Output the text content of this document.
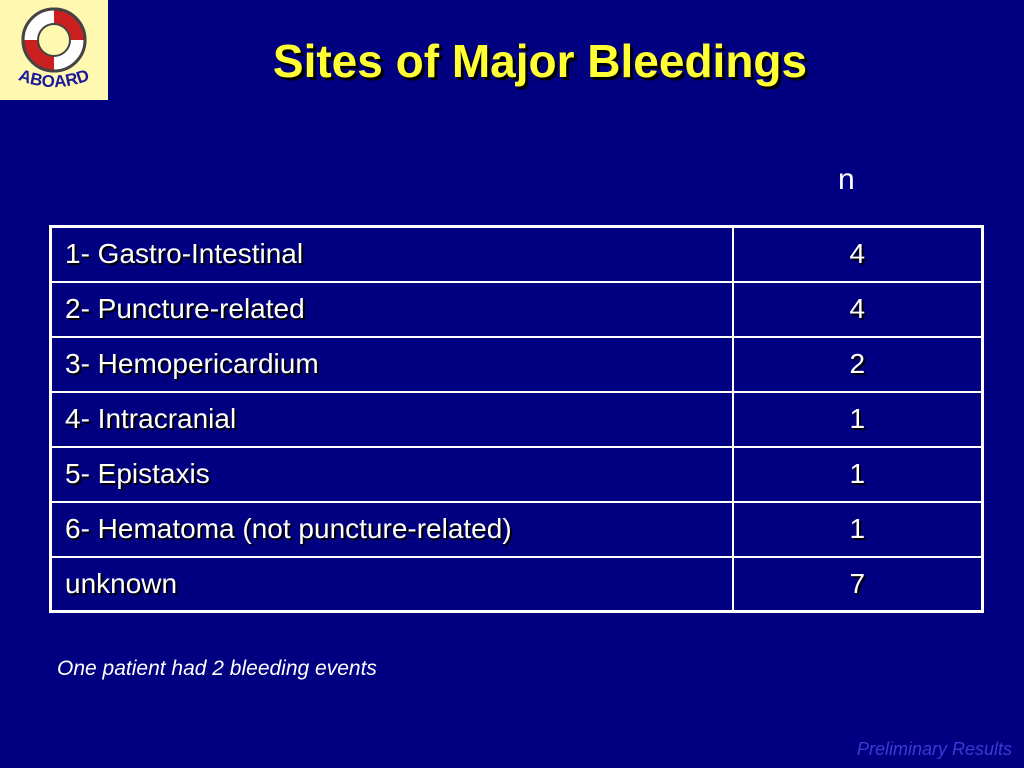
ABOARD	Sites of Major Bleedings
n
1- Gastro-Intestinal	4
2- Puncture-related	4
3- Hemopericardium	2
4- Intracranial	1
5- Epistaxis	1
6- Hematoma (not puncture-related)	1
unknown	7
One patient had 2 bleeding events
Preliminary Results
